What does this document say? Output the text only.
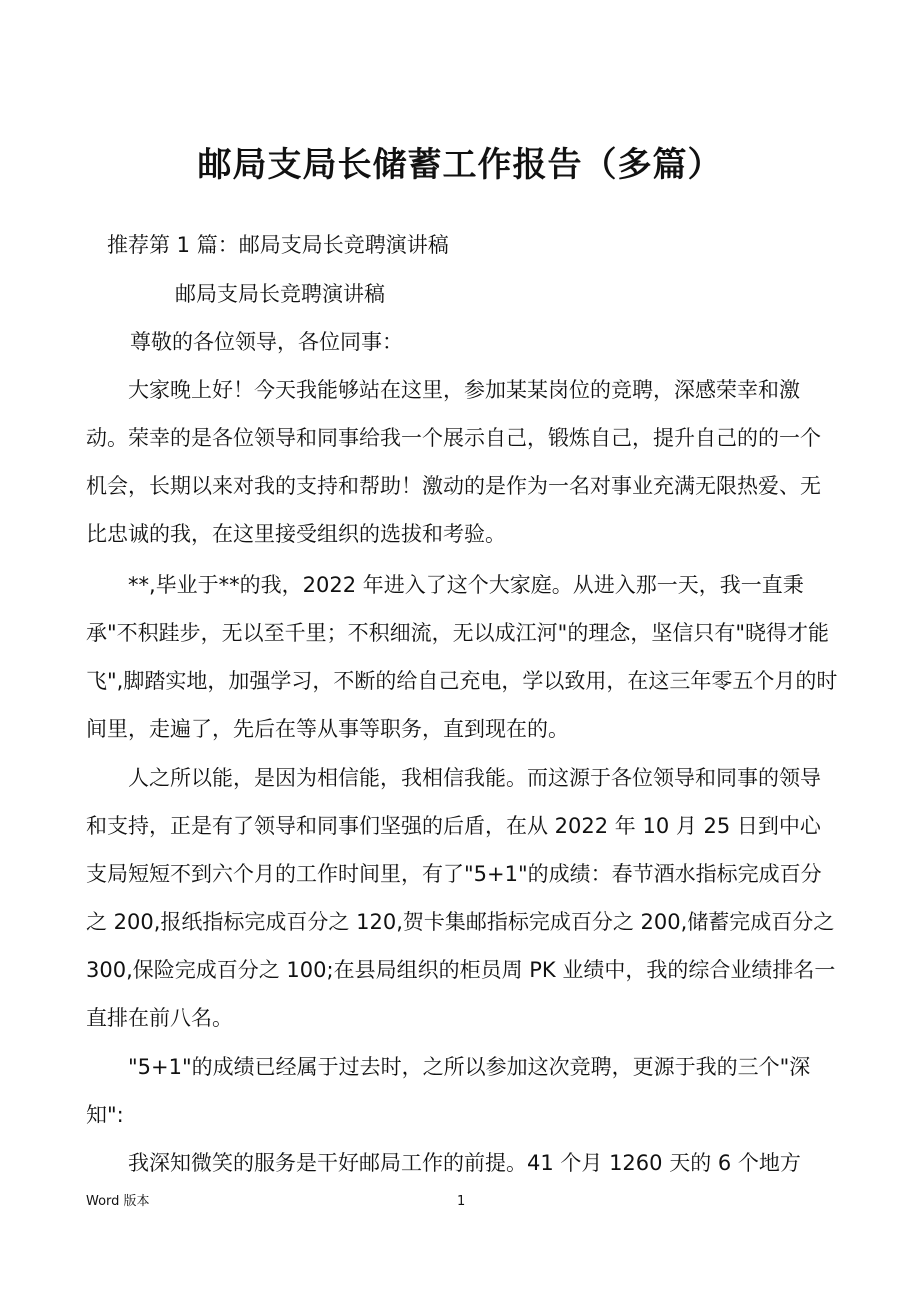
邮局支局长储蓄工作报告（多篇）

推荐第 1 篇：邮局支局长竞聘演讲稿

邮局支局长竞聘演讲稿

尊敬的各位领导，各位同事：

大家晚上好！今天我能够站在这里，参加某某岗位的竞聘，深感荣幸和激动。荣幸的是各位领导和同事给我一个展示自己，锻炼自己，提升自己的的一个机会，长期以来对我的支持和帮助！激动的是作为一名对事业充满无限热爱、无比忠诚的我，在这里接受组织的选拔和考验。

**,毕业于**的我，2022 年进入了这个大家庭。从进入那一天，我一直秉承"不积跬步，无以至千里；不积细流，无以成江河"的理念，坚信只有"晓得才能飞",脚踏实地，加强学习，不断的给自己充电，学以致用，在这三年零五个月的时间里，走遍了，先后在等从事等职务，直到现在的。

人之所以能，是因为相信能，我相信我能。而这源于各位领导和同事的领导和支持，正是有了领导和同事们坚强的后盾，在从 2022 年 10 月 25 日到中心支局短短不到六个月的工作时间里，有了"5+1"的成绩：春节酒水指标完成百分之 200,报纸指标完成百分之 120,贺卡集邮指标完成百分之 200,储蓄完成百分之 300,保险完成百分之 100;在县局组织的柜员周 PK 业绩中，我的综合业绩排名一直排在前八名。

"5+1"的成绩已经属于过去时，之所以参加这次竞聘，更源于我的三个"深知":

我深知微笑的服务是干好邮局工作的前提。41 个月 1260 天的 6 个地方

Word 版本	1
